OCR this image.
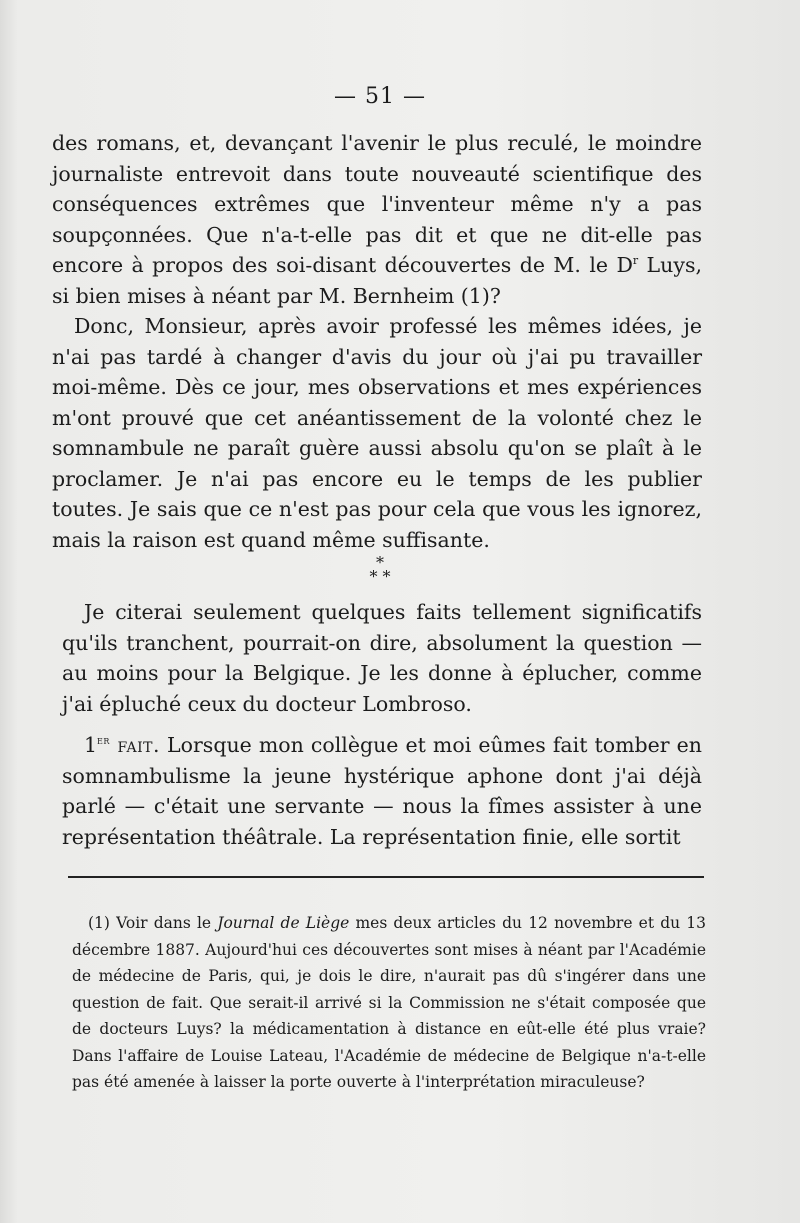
— 51 —

des romans, et, devançant l'avenir le plus reculé, le moindre journaliste entrevoit dans toute nouveauté scientifique des conséquences extrêmes que l'inventeur même n'y a pas soupçonnées. Que n'a-t-elle pas dit et que ne dit-elle pas encore à propos des soi-disant découvertes de M. le $D^r$ Luys, si bien mises à néant par M. Bernheim (1)?

Donc, Monsieur, après avoir professé les mêmes idées, je n'ai pas tardé à changer d'avis du jour où j'ai pu travailler moi-même. Dès ce jour, mes observations et mes expériences m'ont prouvé que cet anéantissement de la volonté chez le somnambule ne paraît guère aussi absolu qu'on se plaît à le proclamer. Je n'ai pas encore eu le temps de les publier toutes. Je sais que ce n'est pas pour cela que vous les ignorez, mais la raison est quand même suffisante.

*
* *

Je citerai seulement quelques faits tellement significatifs qu'ils tranchent, pourrait-on dire, absolument la question — au moins pour la Belgique. Je les donne à éplucher, comme j'ai épluché ceux du docteur Lombroso.

1er fait. Lorsque mon collègue et moi eûmes fait tomber en somnambulisme la jeune hystérique aphone dont j'ai déjà parlé — c'était une servante — nous la fîmes assister à une représentation théâtrale. La représentation finie, elle sortit

(1) Voir dans le Journal de Liège mes deux articles du 12 novembre et du 13 décembre 1887. Aujourd'hui ces découvertes sont mises à néant par l'Académie de médecine de Paris, qui, je dois le dire, n'aurait pas dû s'ingérer dans une question de fait. Que serait-il arrivé si la Commission ne s'était composée que de docteurs Luys? la médicamentation à distance en eût-elle été plus vraie? Dans l'affaire de Louise Lateau, l'Académie de médecine de Belgique n'a-t-elle pas été amenée à laisser la porte ouverte à l'interprétation miraculeuse?
